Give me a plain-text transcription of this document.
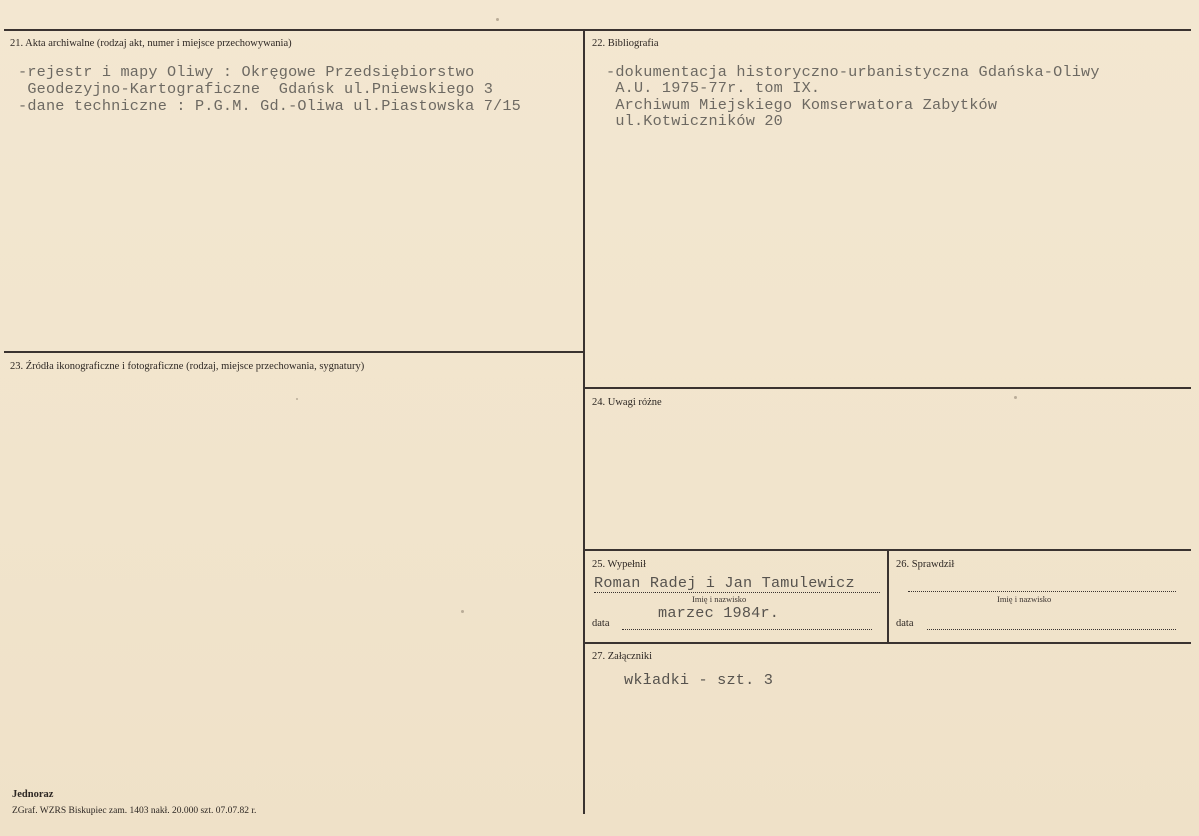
21. Akta archiwalne (rodzaj akt, numer i miejsce przechowywania)
-rejestr i mapy Oliwy : Okręgowe Przedsiębiorstwo
Geodezyjno-Kartograficzne  Gdańsk ul.Pniewskiego 3
-dane techniczne : P.G.M. Gd.-Oliwa ul.Piastowska 7/15
22. Bibliografia
-dokumentacja historyczno-urbanistyczna Gdańska-Oliwy
A.U. 1975-77r. tom IX.
Archiwum Miejskiego Komserwatora Zabytków
ul.Kotwiczników 20
23. Źródła ikonograficzne i fotograficzne (rodzaj, miejsce przechowania, sygnatury)
24. Uwagi różne
25. Wypełnił
Roman Radej i Jan Tamulewicz
Imię i nazwisko
marzec 1984r.
data
26. Sprawdził
Imię i nazwisko
data
27. Załączniki
wkładki - szt. 3
Jednoraz
ZGraf. WZRS Biskupiec zam. 1403 nakł. 20.000 szt. 07.07.82 r.
